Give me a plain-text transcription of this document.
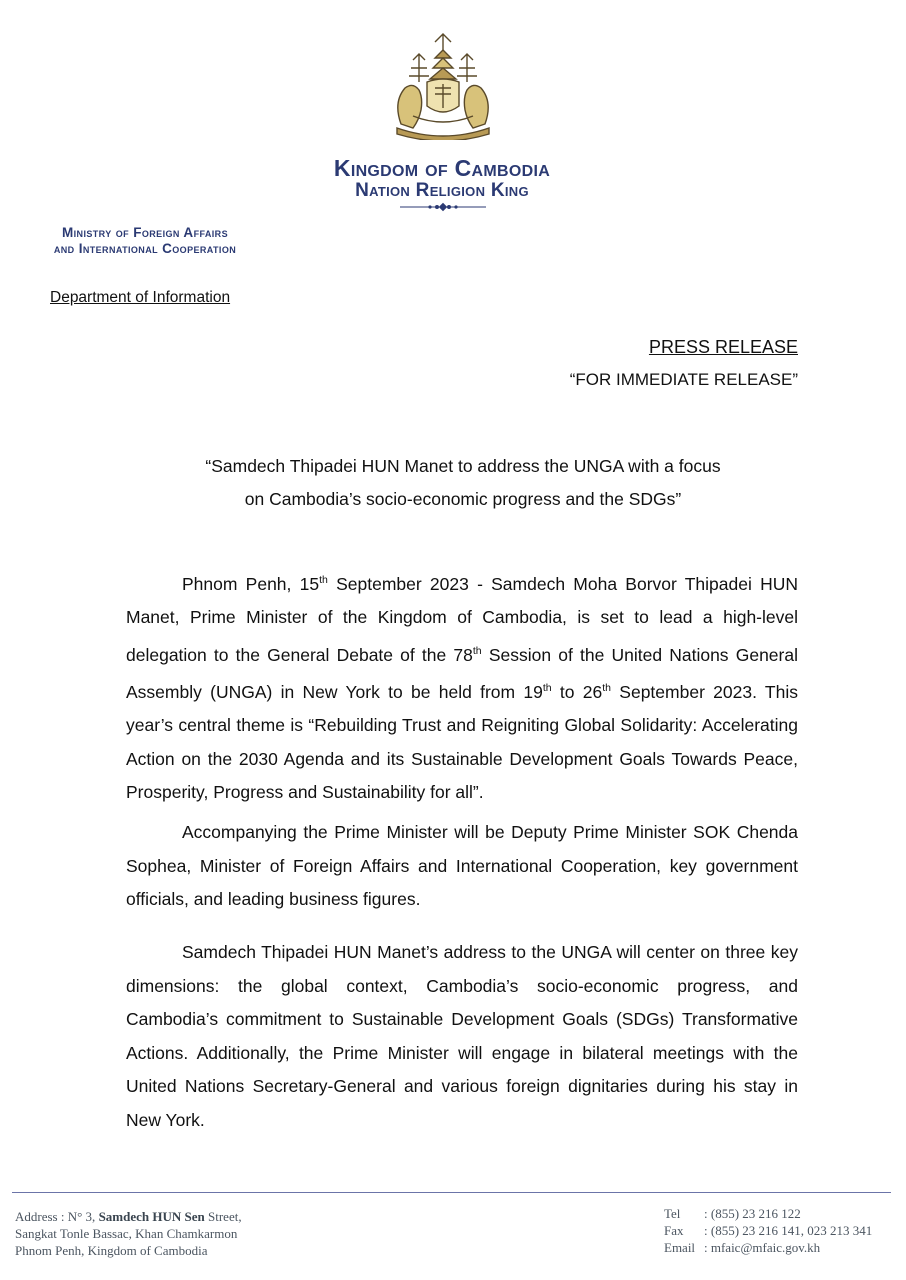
Kingdom of Cambodia
Nation Religion King
Ministry of Foreign Affairs
and International Cooperation
Department of Information
PRESS RELEASE
“FOR IMMEDIATE RELEASE”
“Samdech Thipadei HUN Manet to address the UNGA with a focus
on Cambodia’s socio-economic progress and the SDGs”

Phnom Penh, 15th September 2023 - Samdech Moha Borvor Thipadei HUN Manet, Prime Minister of the Kingdom of Cambodia, is set to lead a high-level delegation to the General Debate of the 78th Session of the United Nations General Assembly (UNGA) in New York to be held from 19th to 26th September 2023. This year’s central theme is “Rebuilding Trust and Reigniting Global Solidarity: Accelerating Action on the 2030 Agenda and its Sustainable Development Goals Towards Peace, Prosperity, Progress and Sustainability for all”.

Accompanying the Prime Minister will be Deputy Prime Minister SOK Chenda Sophea, Minister of Foreign Affairs and International Cooperation, key government officials, and leading business figures.

Samdech Thipadei HUN Manet’s address to the UNGA will center on three key dimensions: the global context, Cambodia’s socio-economic progress, and Cambodia’s commitment to Sustainable Development Goals (SDGs) Transformative Actions. Additionally, the Prime Minister will engage in bilateral meetings with the United Nations Secretary-General and various foreign dignitaries during his stay in New York.

Address : N° 3, Samdech HUN Sen Street,
Sangkat Tonle Bassac, Khan Chamkarmon
Phnom Penh, Kingdom of Cambodia
Tel : (855) 23 216 122
Fax : (855) 23 216 141, 023 213 341
Email : mfaic@mfaic.gov.kh
